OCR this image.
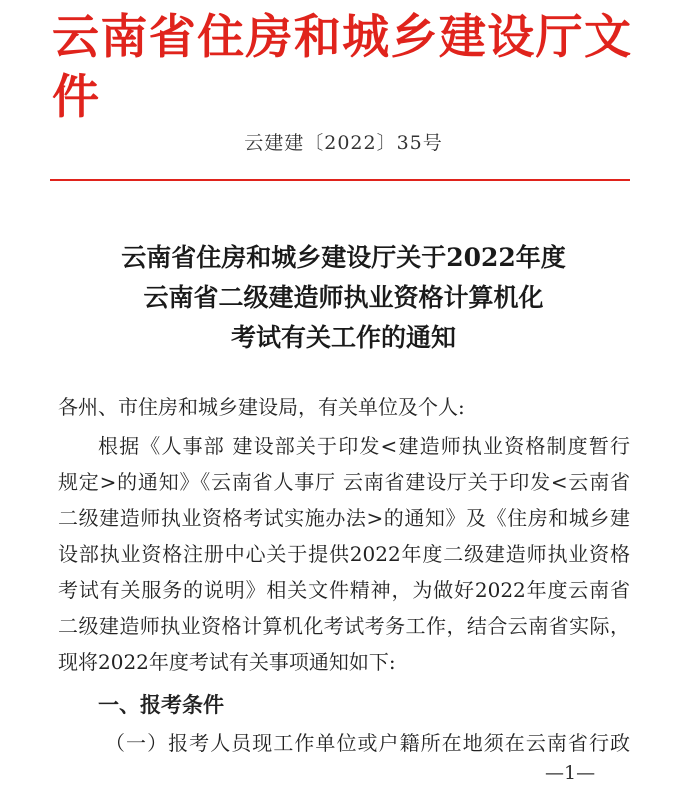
云南省住房和城乡建设厅文件
云建建〔2022〕35号
云南省住房和城乡建设厅关于2022年度
云南省二级建造师执业资格计算机化
考试有关工作的通知
各州、市住房和城乡建设局，有关单位及个人:
根据《人事部 建设部关于印发<建造师执业资格制度暂行
规定>的通知》《云南省人事厅 云南省建设厅关于印发<云南省
二级建造师执业资格考试实施办法>的通知》及《住房和城乡建
设部执业资格注册中心关于提供2022年度二级建造师执业资格
考试有关服务的说明》相关文件精神，为做好2022年度云南省
二级建造师执业资格计算机化考试考务工作，结合云南省实际，
现将2022年度考试有关事项通知如下:
一、报考条件
（一）报考人员现工作单位或户籍所在地须在云南省行政
—1—
